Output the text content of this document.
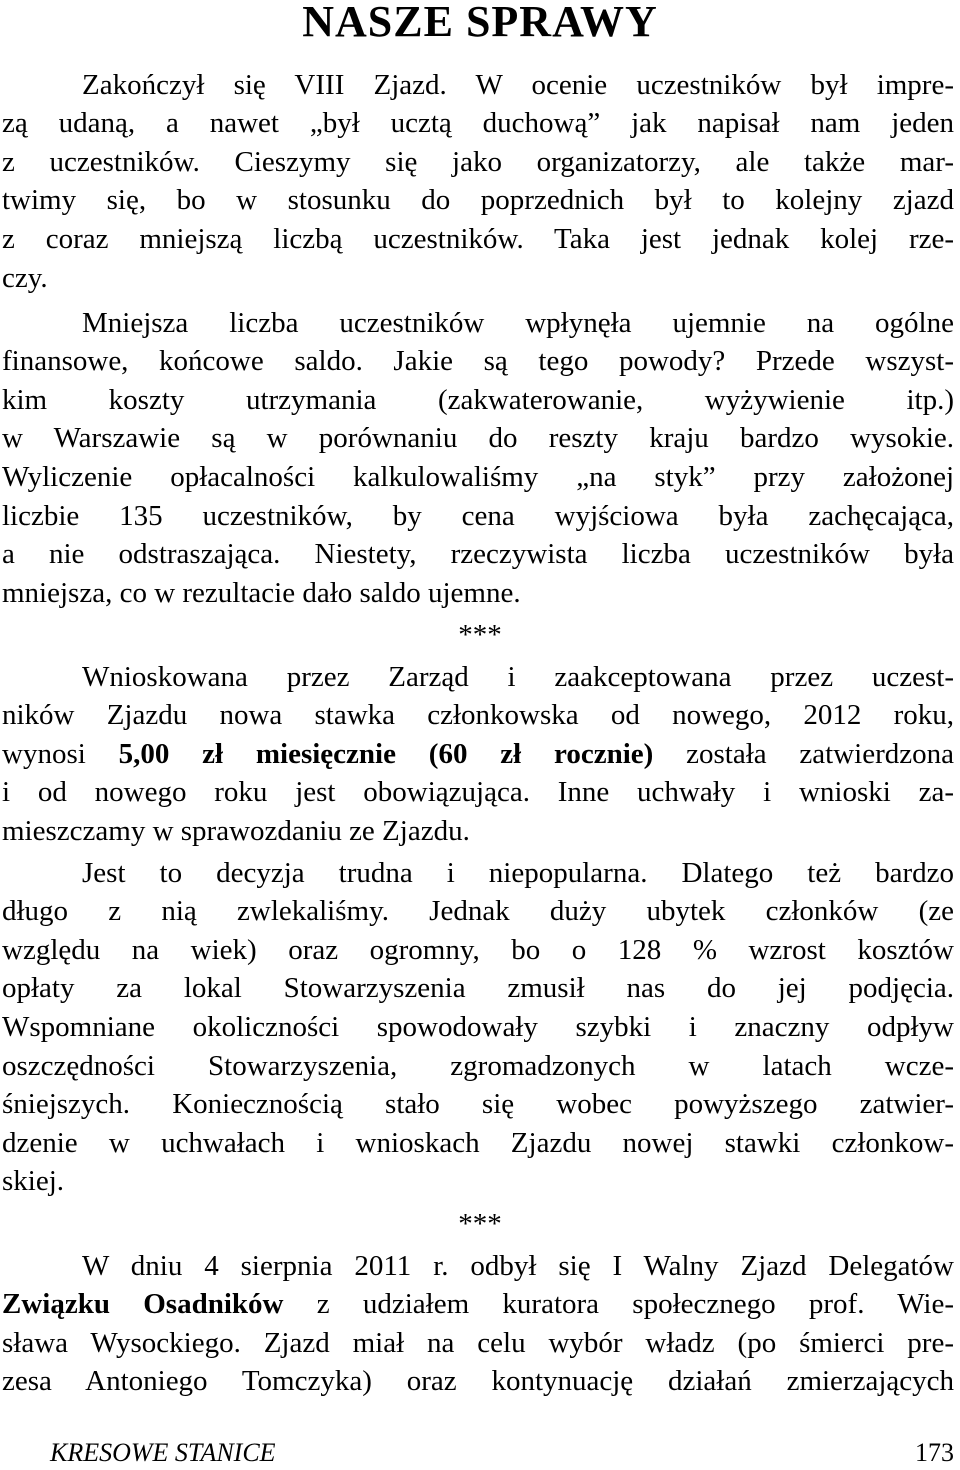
NASZE SPRAWY
Zakończył się VIII Zjazd. W ocenie uczestników był impre-
zą udaną, a nawet „był ucztą duchową” jak napisał nam jeden
z uczestników. Cieszymy się jako organizatorzy, ale także mar-
twimy się, bo w stosunku do poprzednich był to kolejny zjazd
z coraz mniejszą liczbą uczestników. Taka jest jednak kolej rze-
czy.
Mniejsza liczba uczestników wpłynęła ujemnie na ogólne
finansowe, końcowe saldo. Jakie są tego powody? Przede wszyst-
kim koszty utrzymania (zakwaterowanie, wyżywienie itp.)
w Warszawie są w porównaniu do reszty kraju bardzo wysokie.
Wyliczenie opłacalności kalkulowaliśmy „na styk” przy założonej
liczbie 135 uczestników, by cena wyjściowa była zachęcająca,
a nie odstraszająca. Niestety, rzeczywista liczba uczestników była
mniejsza, co w rezultacie dało saldo ujemne.
***
Wnioskowana przez Zarząd i zaakceptowana przez uczest-
ników Zjazdu nowa stawka członkowska od nowego, 2012 roku,
wynosi 5,00 zł miesięcznie (60 zł rocznie) została zatwierdzona
i od nowego roku jest obowiązująca. Inne uchwały i wnioski za-
mieszczamy w sprawozdaniu ze Zjazdu.
Jest to decyzja trudna i niepopularna. Dlatego też bardzo
długo z nią zwlekaliśmy. Jednak duży ubytek członków (ze
względu na wiek) oraz ogromny, bo o 128 % wzrost kosztów
opłaty za lokal Stowarzyszenia zmusił nas do jej podjęcia.
Wspomniane okoliczności spowodowały szybki i znaczny odpływ
oszczędności Stowarzyszenia, zgromadzonych w latach wcze-
śniejszych. Koniecznością stało się wobec powyższego zatwier-
dzenie w uchwałach i wnioskach Zjazdu nowej stawki członkow-
skiej.
***
W dniu 4 sierpnia 2011 r. odbył się I Walny Zjazd Delegatów
Związku Osadników z udziałem kuratora społecznego prof. Wie-
sława Wysockiego. Zjazd miał na celu wybór władz (po śmierci pre-
zesa Antoniego Tomczyka) oraz kontynuację działań zmierzających
KRESOWE STANICE	173
